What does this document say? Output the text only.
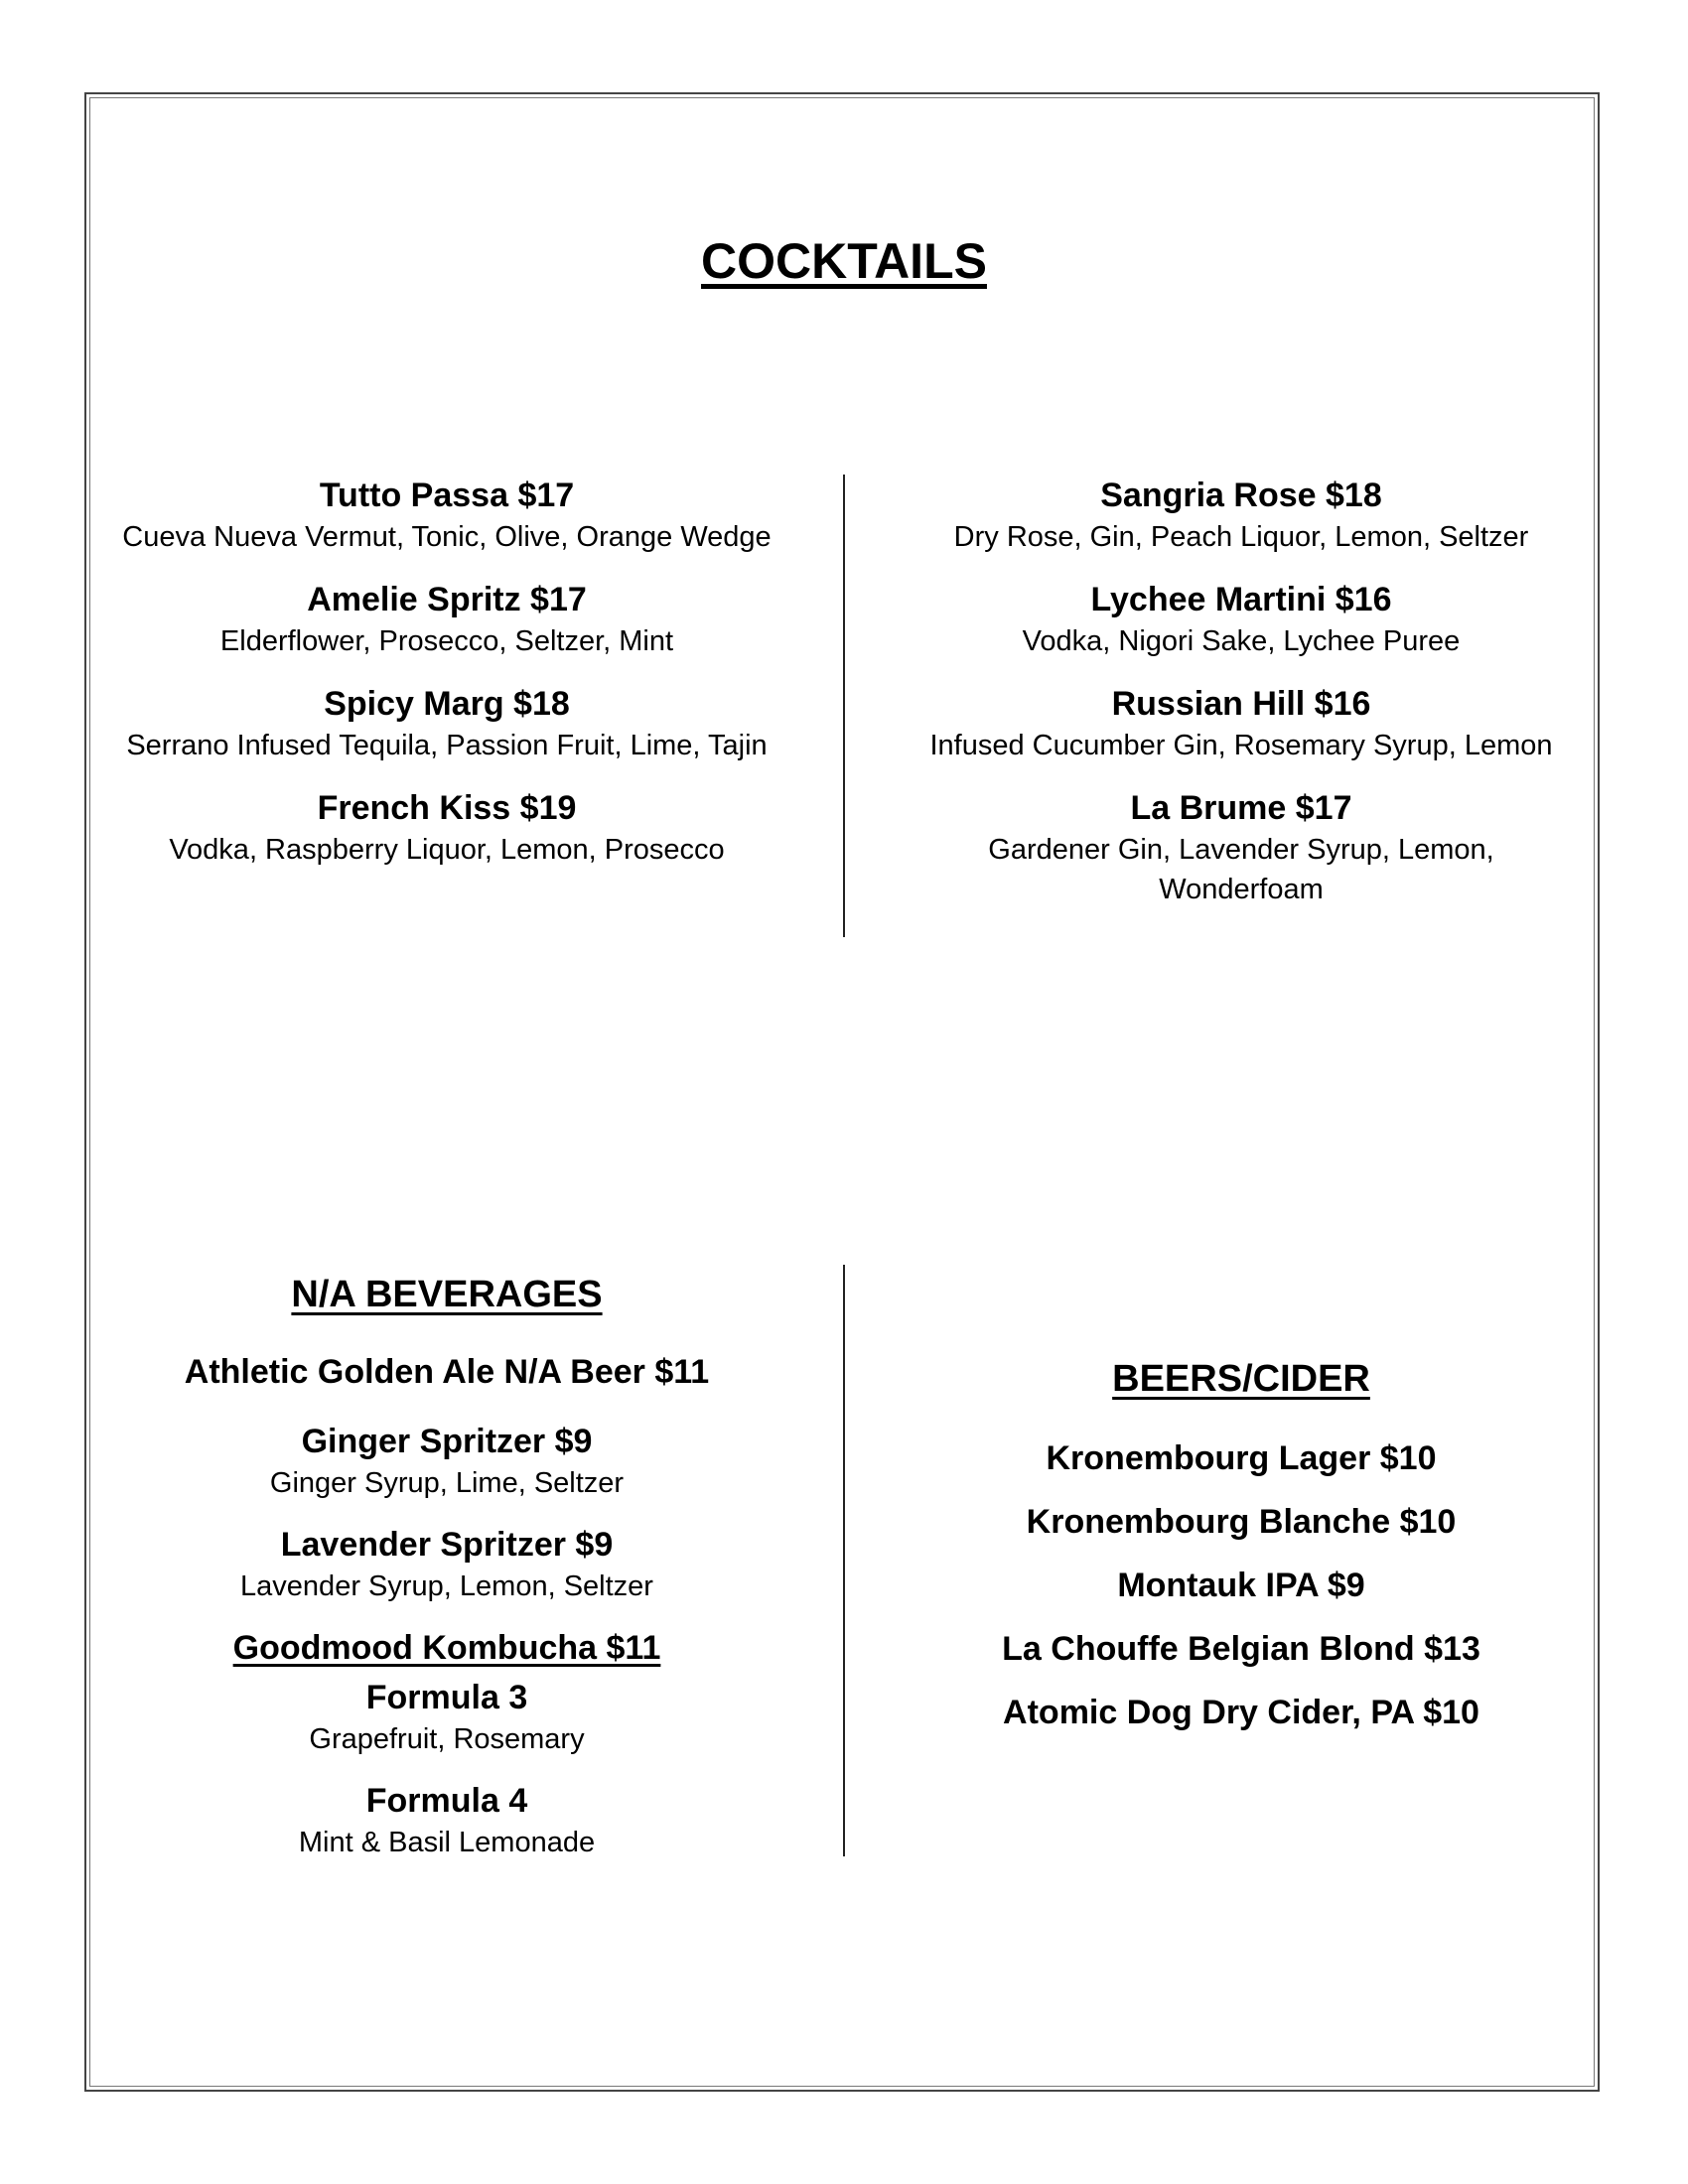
COCKTAILS
Tutto Passa $17
Cueva Nueva Vermut, Tonic, Olive, Orange Wedge
Amelie Spritz $17
Elderflower, Prosecco, Seltzer, Mint
Spicy Marg $18
Serrano Infused Tequila, Passion Fruit, Lime, Tajin
French Kiss $19
Vodka, Raspberry Liquor, Lemon, Prosecco
Sangria Rose $18
Dry Rose, Gin, Peach Liquor, Lemon, Seltzer
Lychee Martini $16
Vodka, Nigori Sake, Lychee Puree
Russian Hill $16
Infused Cucumber Gin, Rosemary Syrup, Lemon
La Brume $17
Gardener Gin, Lavender Syrup, Lemon,
Wonderfoam
N/A BEVERAGES
Athletic Golden Ale N/A Beer $11
Ginger Spritzer $9
Ginger Syrup, Lime, Seltzer
Lavender Spritzer $9
Lavender Syrup, Lemon, Seltzer
Goodmood Kombucha $11
Formula 3
Grapefruit, Rosemary
Formula 4
Mint & Basil Lemonade
BEERS/CIDER
Kronembourg Lager $10
Kronembourg Blanche $10
Montauk IPA $9
La Chouffe Belgian Blond $13
Atomic Dog Dry Cider, PA $10
